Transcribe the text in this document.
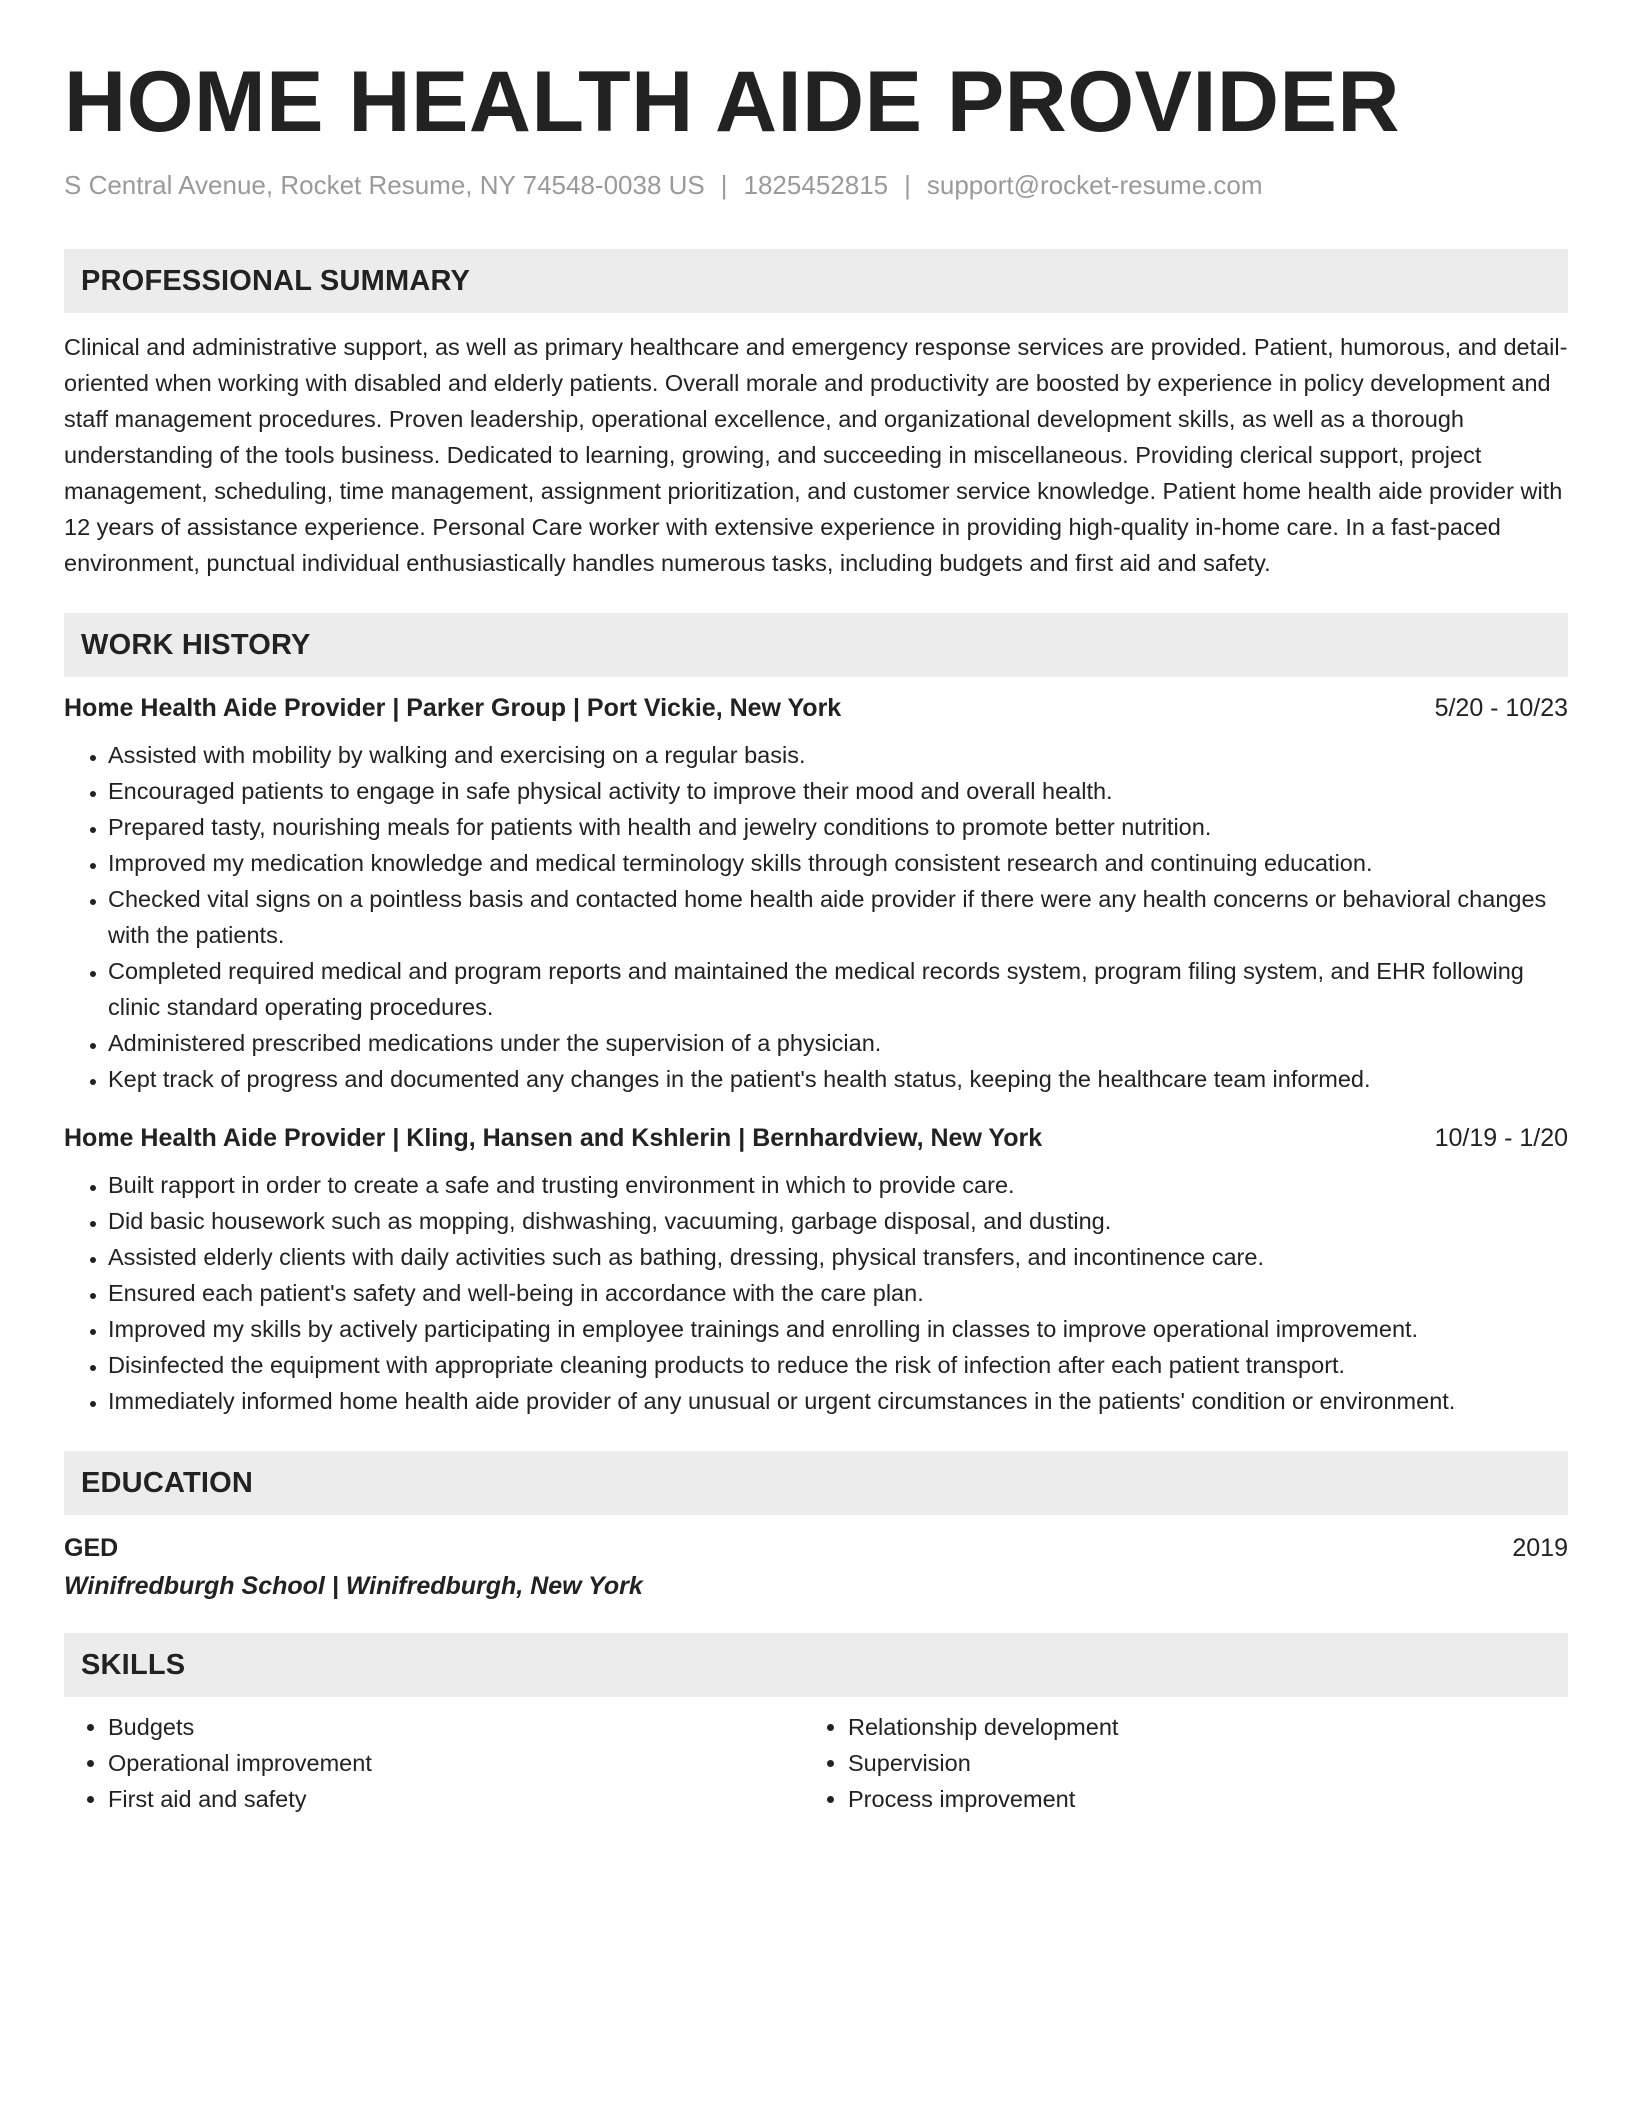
HOME HEALTH AIDE PROVIDER
S Central Avenue, Rocket Resume, NY 74548-0038 US | 1825452815 | support@rocket-resume.com
PROFESSIONAL SUMMARY

Clinical and administrative support, as well as primary healthcare and emergency response services are provided. Patient, humorous, and detail-oriented when working with disabled and elderly patients. Overall morale and productivity are boosted by experience in policy development and staff management procedures. Proven leadership, operational excellence, and organizational development skills, as well as a thorough understanding of the tools business. Dedicated to learning, growing, and succeeding in miscellaneous. Providing clerical support, project management, scheduling, time management, assignment prioritization, and customer service knowledge. Patient home health aide provider with 12 years of assistance experience. Personal Care worker with extensive experience in providing high-quality in-home care. In a fast-paced environment, punctual individual enthusiastically handles numerous tasks, including budgets and first aid and safety.

WORK HISTORY
Home Health Aide Provider | Parker Group | Port Vickie, New York	5/20 - 10/23
• Assisted with mobility by walking and exercising on a regular basis.
• Encouraged patients to engage in safe physical activity to improve their mood and overall health.
• Prepared tasty, nourishing meals for patients with health and jewelry conditions to promote better nutrition.
• Improved my medication knowledge and medical terminology skills through consistent research and continuing education.
• Checked vital signs on a pointless basis and contacted home health aide provider if there were any health concerns or behavioral changes with the patients.
• Completed required medical and program reports and maintained the medical records system, program filing system, and EHR following clinic standard operating procedures.
• Administered prescribed medications under the supervision of a physician.
• Kept track of progress and documented any changes in the patient's health status, keeping the healthcare team informed.
Home Health Aide Provider | Kling, Hansen and Kshlerin | Bernhardview, New York	10/19 - 1/20
• Built rapport in order to create a safe and trusting environment in which to provide care.
• Did basic housework such as mopping, dishwashing, vacuuming, garbage disposal, and dusting.
• Assisted elderly clients with daily activities such as bathing, dressing, physical transfers, and incontinence care.
• Ensured each patient's safety and well-being in accordance with the care plan.
• Improved my skills by actively participating in employee trainings and enrolling in classes to improve operational improvement.
• Disinfected the equipment with appropriate cleaning products to reduce the risk of infection after each patient transport.
• Immediately informed home health aide provider of any unusual or urgent circumstances in the patients' condition or environment.
EDUCATION
GED	2019
Winifredburgh School | Winifredburgh, New York
SKILLS
• Budgets
• Operational improvement
• First aid and safety
• Relationship development
• Supervision
• Process improvement
